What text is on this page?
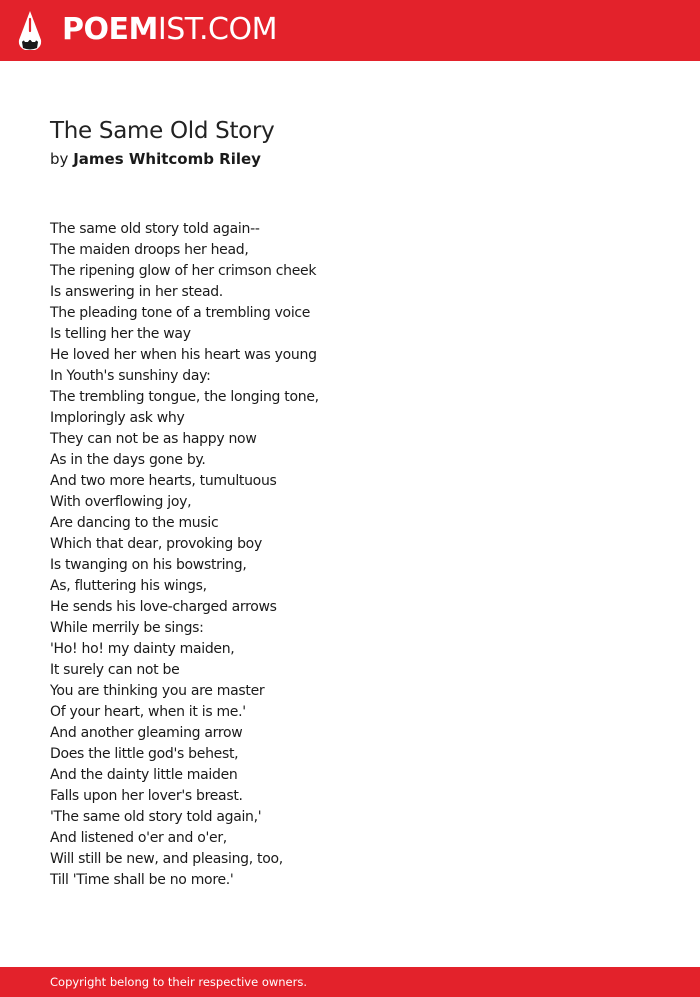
POEMIST.COM
The Same Old Story
by James Whitcomb Riley
The same old story told again--
The maiden droops her head,
The ripening glow of her crimson cheek
Is answering in her stead.
The pleading tone of a trembling voice
Is telling her the way
He loved her when his heart was young
In Youth's sunshiny day:
The trembling tongue, the longing tone,
Imploringly ask why
They can not be as happy now
As in the days gone by.
And two more hearts, tumultuous
With overflowing joy,
Are dancing to the music
Which that dear, provoking boy
Is twanging on his bowstring,
As, fluttering his wings,
He sends his love-charged arrows
While merrily be sings:
'Ho! ho! my dainty maiden,
It surely can not be
You are thinking you are master
Of your heart, when it is me.'
And another gleaming arrow
Does the little god's behest,
And the dainty little maiden
Falls upon her lover's breast.
'The same old story told again,'
And listened o'er and o'er,
Will still be new, and pleasing, too,
Till 'Time shall be no more.'
Copyright belong to their respective owners.
